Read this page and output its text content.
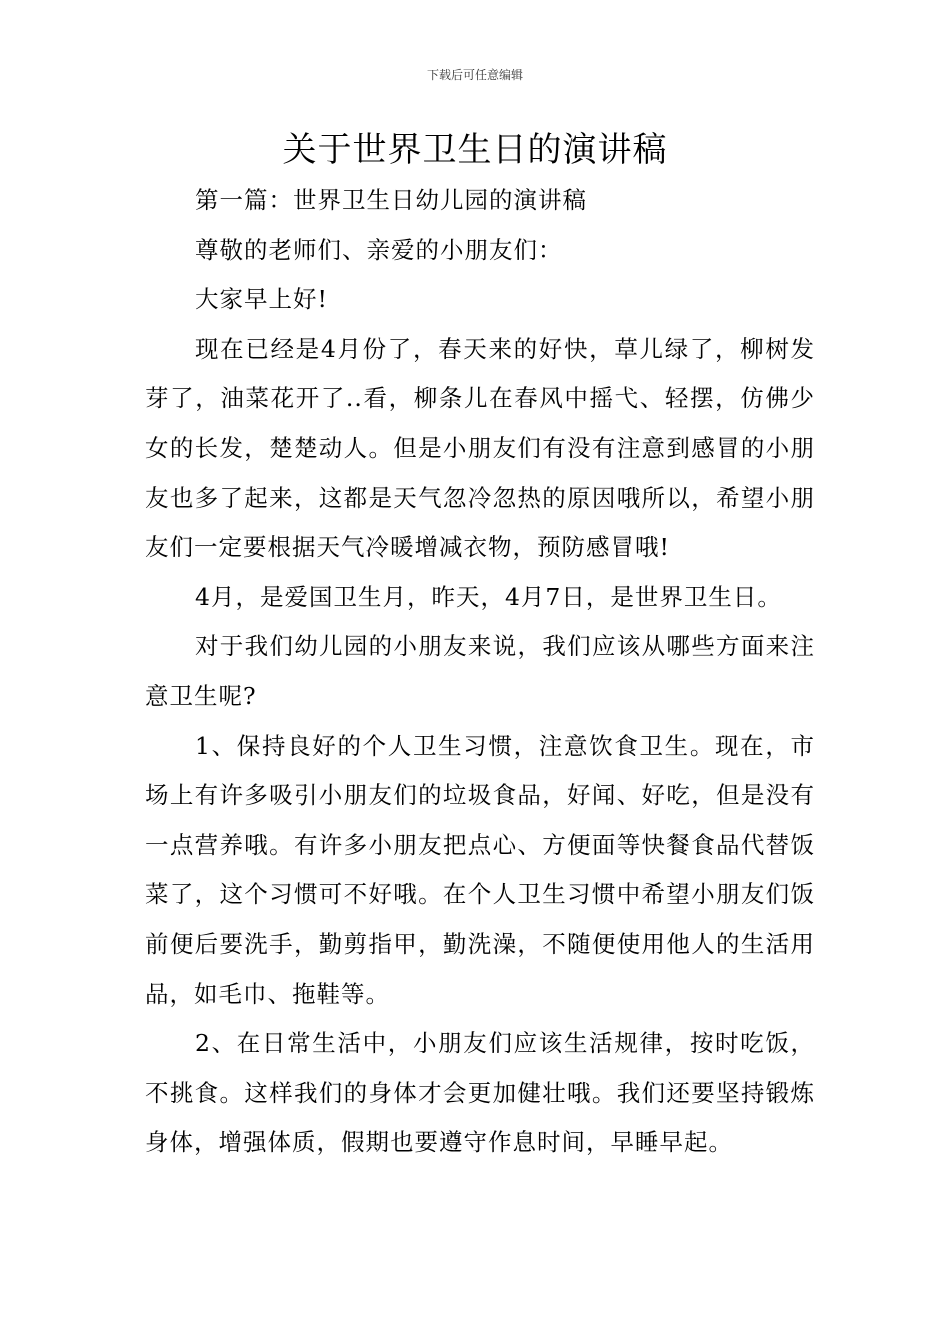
下载后可任意编辑
关于世界卫生日的演讲稿

第一篇：世界卫生日幼儿园的演讲稿

尊敬的老师们、亲爱的小朋友们：

大家早上好!

现在已经是4月份了，春天来的好快，草儿绿了，柳树发芽了，油菜花开了..看，柳条儿在春风中摇弋、轻摆，仿佛少女的长发，楚楚动人。但是小朋友们有没有注意到感冒的小朋友也多了起来，这都是天气忽冷忽热的原因哦所以，希望小朋友们一定要根据天气冷暖增减衣物，预防感冒哦!

4月，是爱国卫生月，昨天，4月7日，是世界卫生日。

对于我们幼儿园的小朋友来说，我们应该从哪些方面来注意卫生呢?

1、保持良好的个人卫生习惯，注意饮食卫生。现在，市场上有许多吸引小朋友们的垃圾食品，好闻、好吃，但是没有一点营养哦。有许多小朋友把点心、方便面等快餐食品代替饭菜了，这个习惯可不好哦。在个人卫生习惯中希望小朋友们饭前便后要洗手，勤剪指甲，勤洗澡，不随便使用他人的生活用品，如毛巾、拖鞋等。

2、在日常生活中，小朋友们应该生活规律，按时吃饭，不挑食。这样我们的身体才会更加健壮哦。我们还要坚持锻炼身体，增强体质，假期也要遵守作息时间，早睡早起。
